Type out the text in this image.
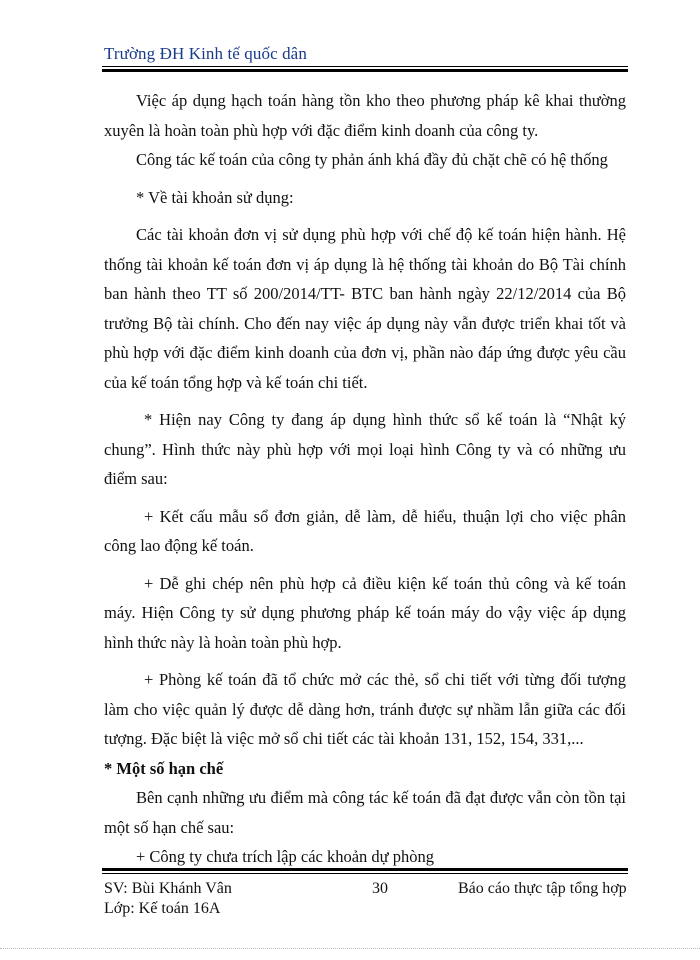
Trường ĐH Kinh tế quốc dân

Việc áp dụng hạch toán hàng tồn kho theo phương pháp kê khai thường xuyên là hoàn toàn phù hợp với đặc điểm kinh doanh của công ty.

Công tác kế toán của công ty phản ánh khá đầy đủ chặt chẽ có hệ thống

* Về tài khoản sử dụng:

Các tài khoản đơn vị sử dụng phù hợp với chế độ kế toán hiện hành. Hệ thống tài khoản kế toán đơn vị áp dụng là hệ thống tài khoản do Bộ Tài chính ban hành theo TT số 200/2014/TT- BTC ban hành ngày 22/12/2014 của Bộ trưởng Bộ tài chính. Cho đến nay việc áp dụng này vẫn được triển khai tốt và phù hợp với đặc điểm kinh doanh của đơn vị, phần nào đáp ứng được yêu cầu của kế toán tổng hợp và kế toán chi tiết.

* Hiện nay Công ty đang áp dụng hình thức sổ kế toán là “Nhật ký chung”. Hình thức này phù hợp với mọi loại hình Công ty và có những ưu điểm sau:

+ Kết cấu mẫu sổ đơn giản, dễ làm, dễ hiểu, thuận lợi cho việc phân công lao động kế toán.

+ Dễ ghi chép nên phù hợp cả điều kiện kế toán thủ công và kế toán máy. Hiện Công ty sử dụng phương pháp kế toán máy do vậy việc áp dụng hình thức này là hoàn toàn phù hợp.

+ Phòng kế toán đã tổ chức mở các thẻ, sổ chi tiết với từng đối tượng làm cho việc quản lý được dễ dàng hơn, tránh được sự nhầm lẫn giữa các đối tượng. Đặc biệt là việc mở sổ chi tiết các tài khoản 131, 152, 154, 331,...

* Một số hạn chế

Bên cạnh những ưu điểm mà công tác kế toán đã đạt được vẫn còn tồn tại một số hạn chế sau:

+ Công ty chưa trích lập các khoản dự phòng

SV: Bùi Khánh Vân	30	Báo cáo thực tập tổng hợp
Lớp: Kế toán 16A
